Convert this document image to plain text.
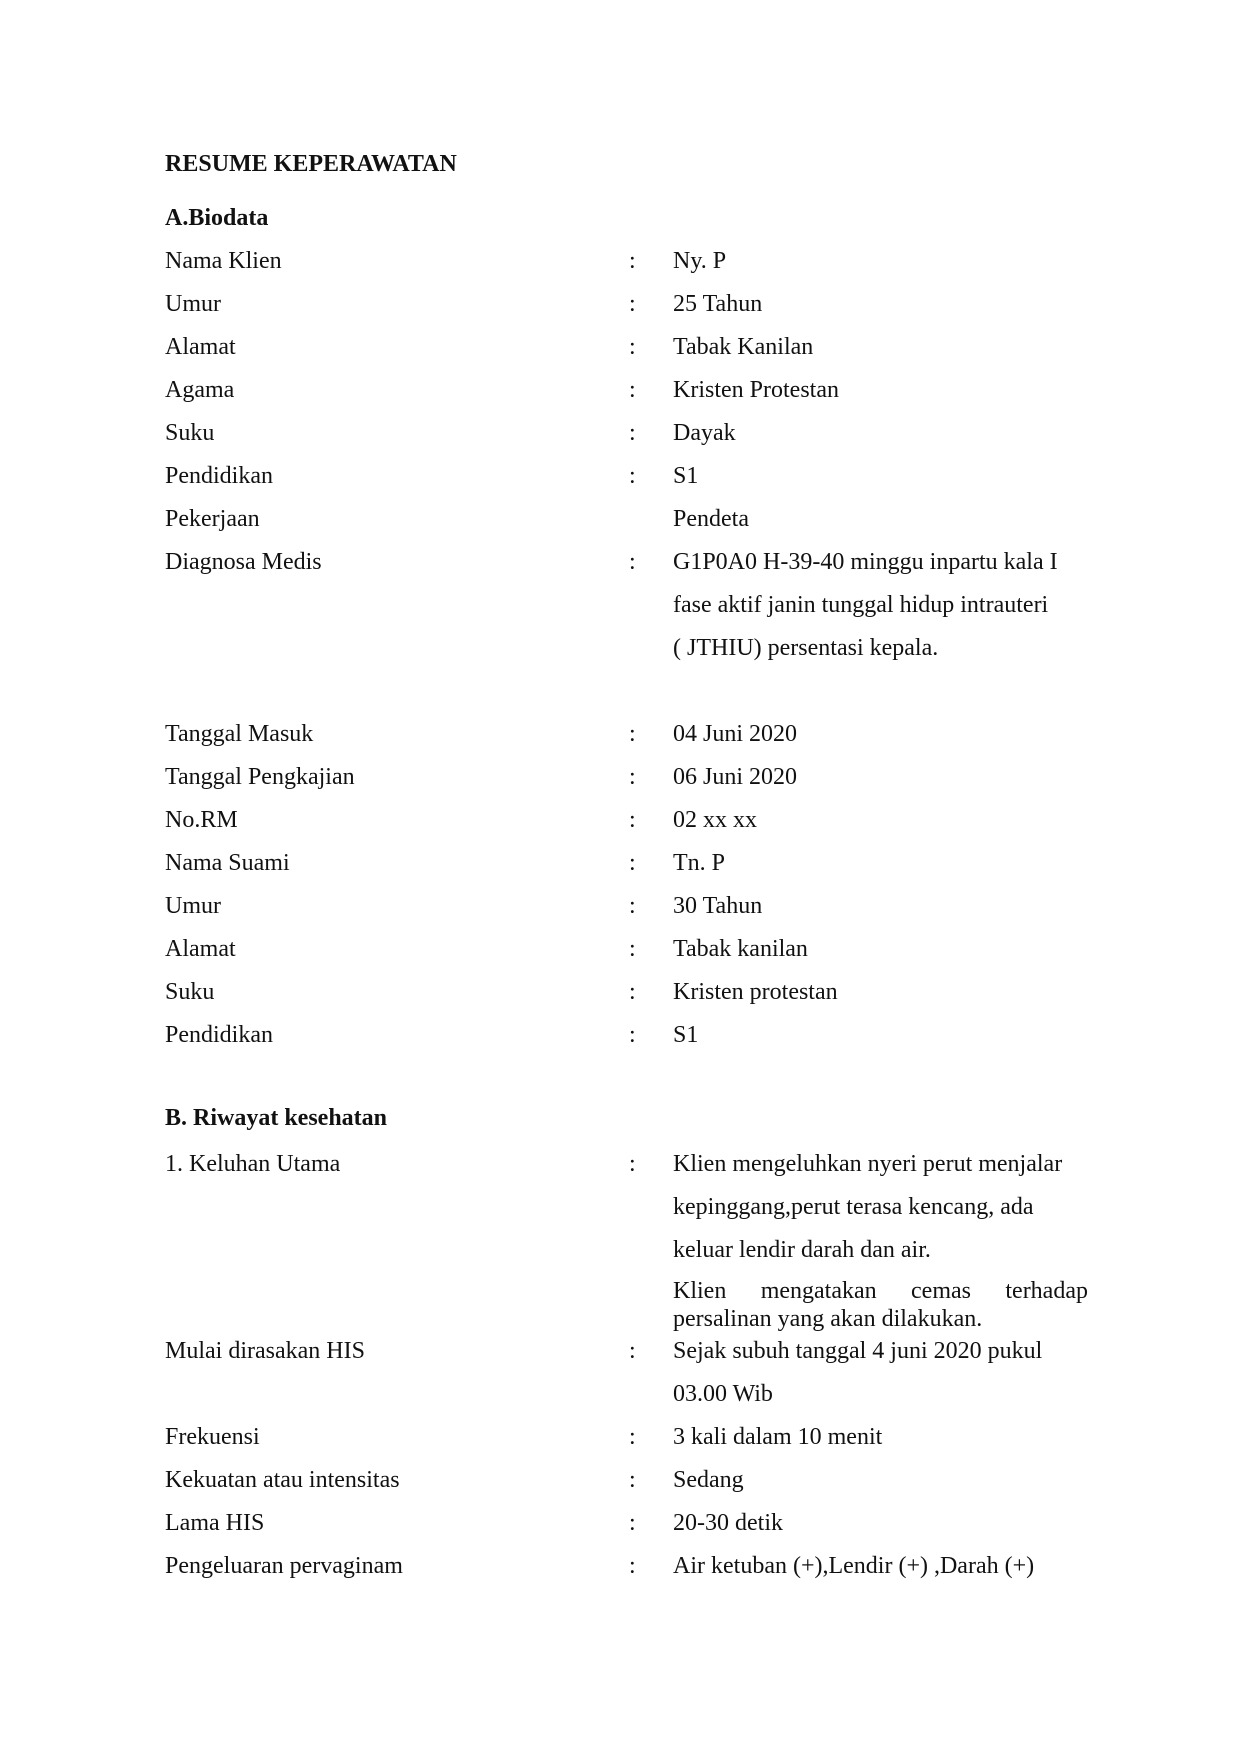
RESUME KEPERAWATAN
A.Biodata
Nama Klien	: Ny. P
Umur	: 25 Tahun
Alamat	: Tabak Kanilan
Agama	: Kristen Protestan
Suku	: Dayak
Pendidikan	: S1
Pekerjaan	Pendeta
Diagnosa Medis	: G1P0A0 H-39-40 minggu inpartu kala I
fase aktif janin tunggal hidup intrauteri
( JTHIU) persentasi kepala.
Tanggal Masuk	: 04 Juni 2020
Tanggal Pengkajian	: 06 Juni 2020
No.RM	: 02 xx xx
Nama Suami	: Tn. P
Umur	: 30 Tahun
Alamat	: Tabak kanilan
Suku	: Kristen protestan
Pendidikan	: S1
B. Riwayat kesehatan
1. Keluhan Utama	: Klien mengeluhkan nyeri perut menjalar
kepinggang,perut terasa kencang, ada
keluar lendir darah dan air.
Klien mengatakan cemas terhadap
persalinan yang akan dilakukan.
Mulai dirasakan HIS	: Sejak subuh tanggal 4 juni 2020 pukul
03.00 Wib
Frekuensi	: 3 kali dalam 10 menit
Kekuatan atau intensitas	: Sedang
Lama HIS	: 20-30 detik
Pengeluaran pervaginam	: Air ketuban (+),Lendir (+) ,Darah (+)
